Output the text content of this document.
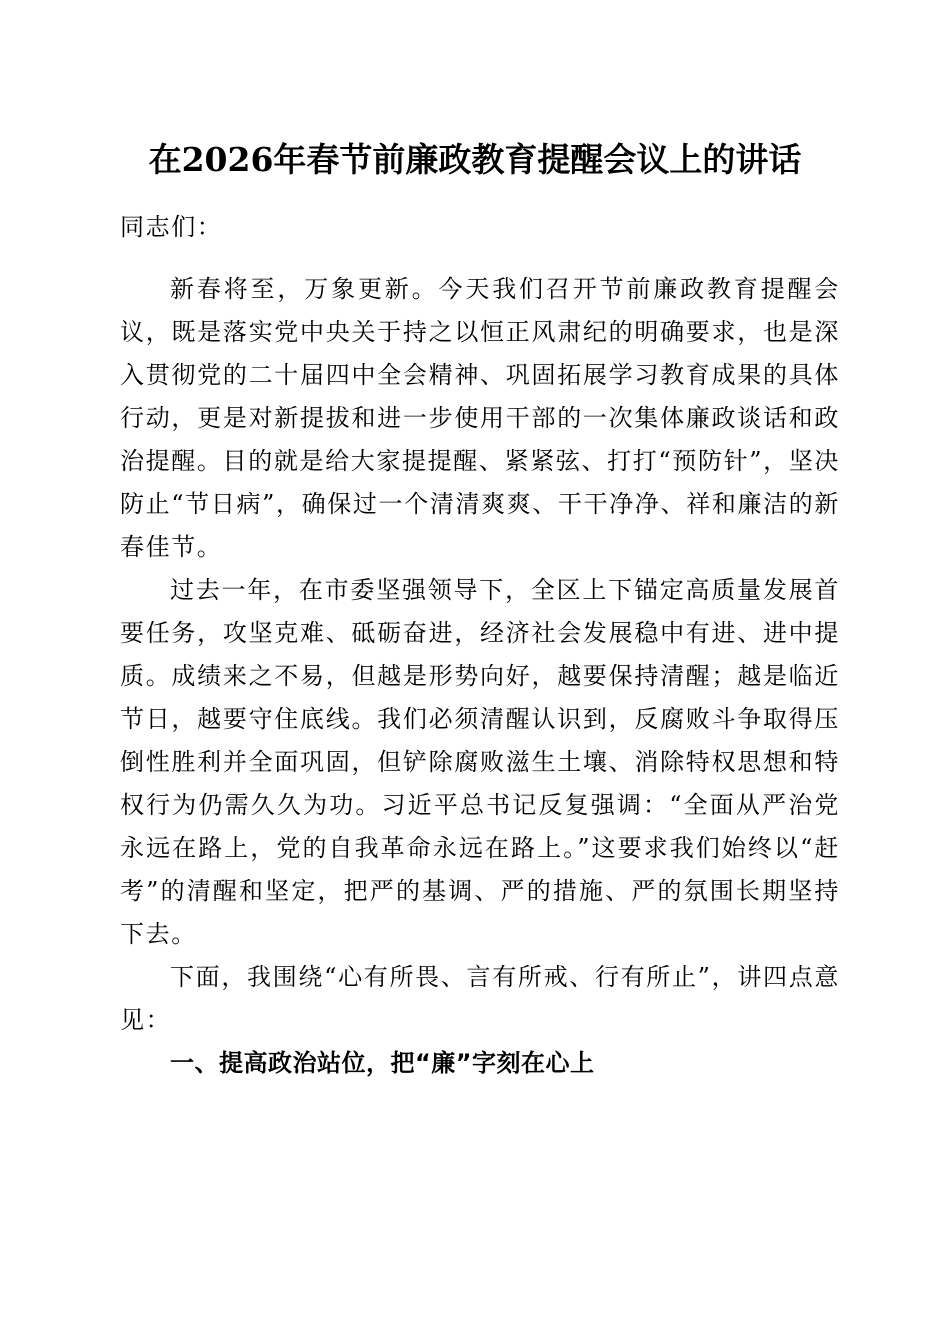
在2026年春节前廉政教育提醒会议上的讲话

同志们：

新春将至，万象更新。今天我们召开节前廉政教育提醒会议，既是落实党中央关于持之以恒正风肃纪的明确要求，也是深入贯彻党的二十届四中全会精神、巩固拓展学习教育成果的具体行动，更是对新提拔和进一步使用干部的一次集体廉政谈话和政治提醒。目的就是给大家提提醒、紧紧弦、打打“预防针”，坚决防止“节日病”，确保过一个清清爽爽、干干净净、祥和廉洁的新春佳节。

过去一年，在市委坚强领导下，全区上下锚定高质量发展首要任务，攻坚克难、砥砺奋进，经济社会发展稳中有进、进中提质。成绩来之不易，但越是形势向好，越要保持清醒；越是临近节日，越要守住底线。我们必须清醒认识到，反腐败斗争取得压倒性胜利并全面巩固，但铲除腐败滋生土壤、消除特权思想和特权行为仍需久久为功。习近平总书记反复强调：“全面从严治党永远在路上，党的自我革命永远在路上。”这要求我们始终以“赶考”的清醒和坚定，把严的基调、严的措施、严的氛围长期坚持下去。

下面，我围绕“心有所畏、言有所戒、行有所止”，讲四点意见：

一、提高政治站位，把“廉”字刻在心上
